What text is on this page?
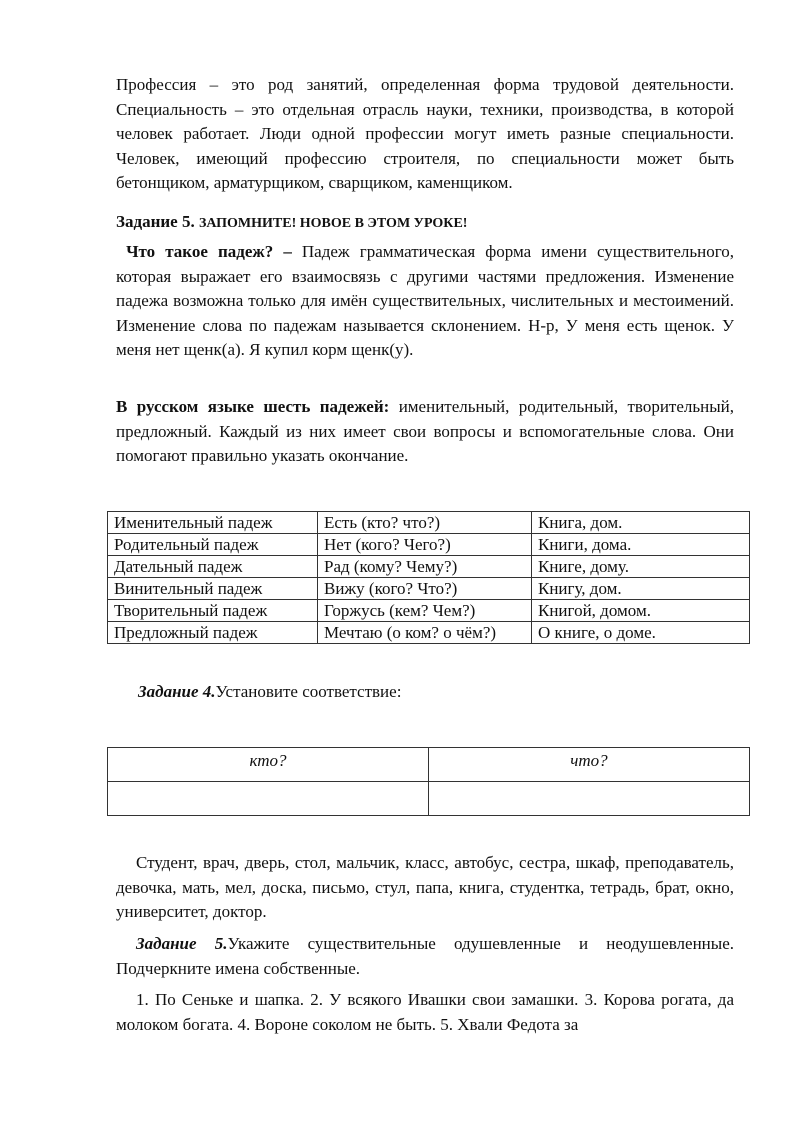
Профессия – это род занятий, определенная форма трудовой деятельности. Специальность – это отдельная отрасль науки, техники, производства, в которой человек работает. Люди одной профессии могут иметь разные специальности. Человек, имеющий профессию строителя, по специальности может быть бетонщиком, арматурщиком, сварщиком, каменщиком.

Задание 5. ЗАПОМНИТЕ! НОВОЕ В ЭТОМ УРОКЕ!

Что такое падеж? – Падеж грамматическая форма имени существительного, которая выражает его взаимосвязь с другими частями предложения. Изменение падежа возможна только для имён существительных, числительных и местоимений. Изменение слова по падежам называется склонением. Н-р, У меня есть щенок. У меня нет щенк(а). Я купил корм щенк(у).

В русском языке шесть падежей: именительный, родительный, творительный, предложный. Каждый из них имеет свои вопросы и вспомогательные слова. Они помогают правильно указать окончание.

Именительный падеж	Есть (кто? что?)	Книга, дом.
Родительный падеж	Нет (кого? Чего?)	Книги, дома.
Дательный падеж	Рад (кому? Чему?)	Книге, дому.
Винительный падеж	Вижу (кого? Что?)	Книгу, дом.
Творительный падеж	Горжусь (кем? Чем?)	Книгой, домом.
Предложный падеж	Мечтаю (о ком? о чём?)	О книге, о доме.

Задание 4.Установите соответствие:

кто?	что?

Студент, врач, дверь, стол, мальчик, класс, автобус, сестра, шкаф, преподаватель, девочка, мать, мел, доска, письмо, стул, папа, книга, студентка, тетрадь, брат, окно, университет, доктор.

Задание 5.Укажите существительные одушевленные и неодушевленные. Подчеркните имена собственные.

1. По Сеньке и шапка. 2. У всякого Ивашки свои замашки. 3. Корова рогата, да молоком богата. 4. Вороне соколом не быть. 5. Хвали Федота за
